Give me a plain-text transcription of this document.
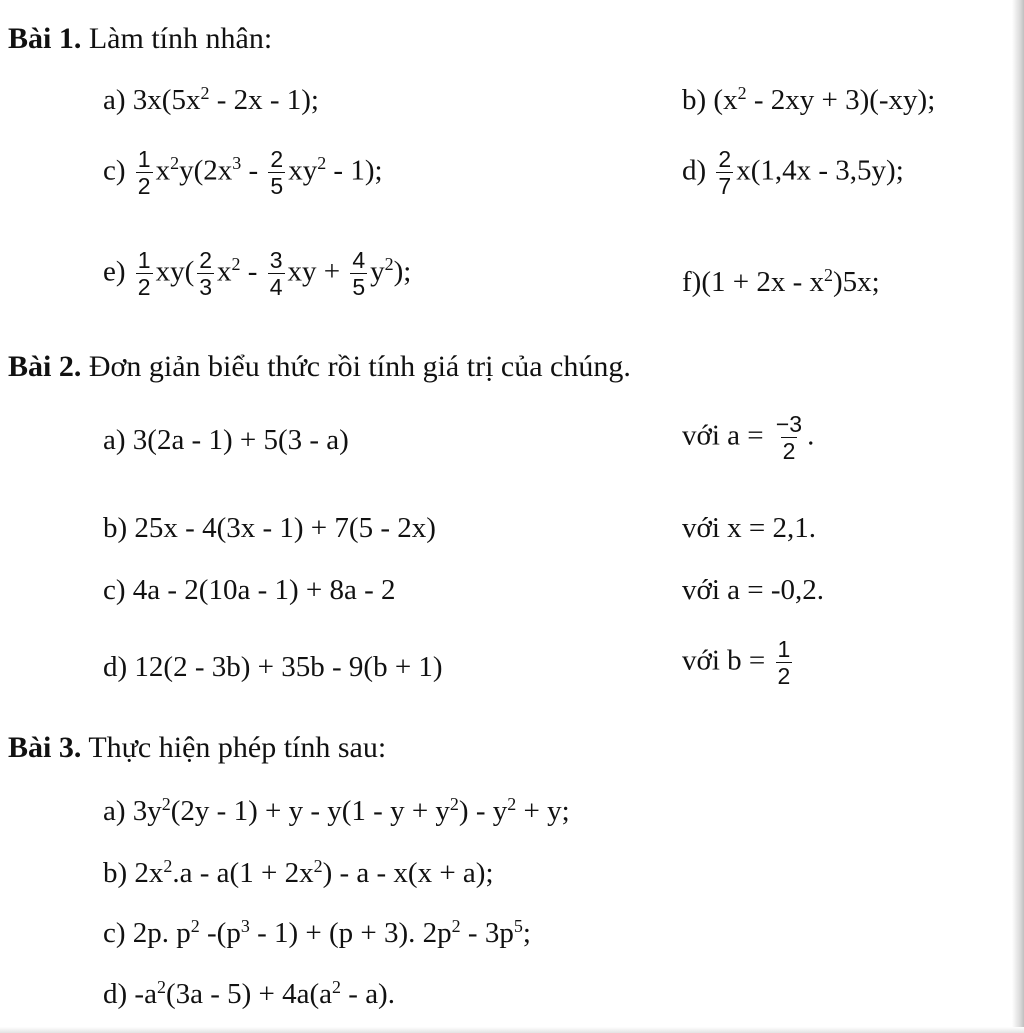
Bài 1. Làm tính nhân:
a) $3x(5x^2 - 2x - 1)$;	b) $(x^2 - 2xy + 3)(-xy)$;
$c) \frac{1}{2} x^2y(2x^3 - \frac{2}{5} xy^2 - 1)$;	$d) \frac{2}{7} x(1,4x - 3,5y)$;
$e) \frac{1}{2} xy( \frac{2}{3} x^2 - \frac{3}{4}$ xy + $\frac{4}{5} y^2$);	$f)(1 + 2x - x^2)5x$;
Bài 2. Đơn giản biểu thức rồi tính giá trị của chúng.
a) 3(2a - 1) + 5(3 - a)	với $a = \frac{-3}{2}$ .
b) 25x - 4(3x - 1) + 7(5 - 2x)	với x = 2,1.
c) 4a - 2(10a - 1) + 8a - 2	với a = -0,2.
d) 12(2 - 3b) + 35b - 9(b + 1)	với $b = \frac{1}{2}$
Bài 3. Thực hiện phép tính sau:
a) $3y^2(2y - 1) + y - y(1 - y + y^2) - y^2 + y$;
b) $2x^2.a - a(1 + 2x^2) - a - x(x + a)$;
c) 2p. $p^2$ $-(p^3 - 1) + (p + 3)$. $2p^2 - 3p^5$;
d) $-a^2(3a - 5) + 4a(a^2 - a)$.
